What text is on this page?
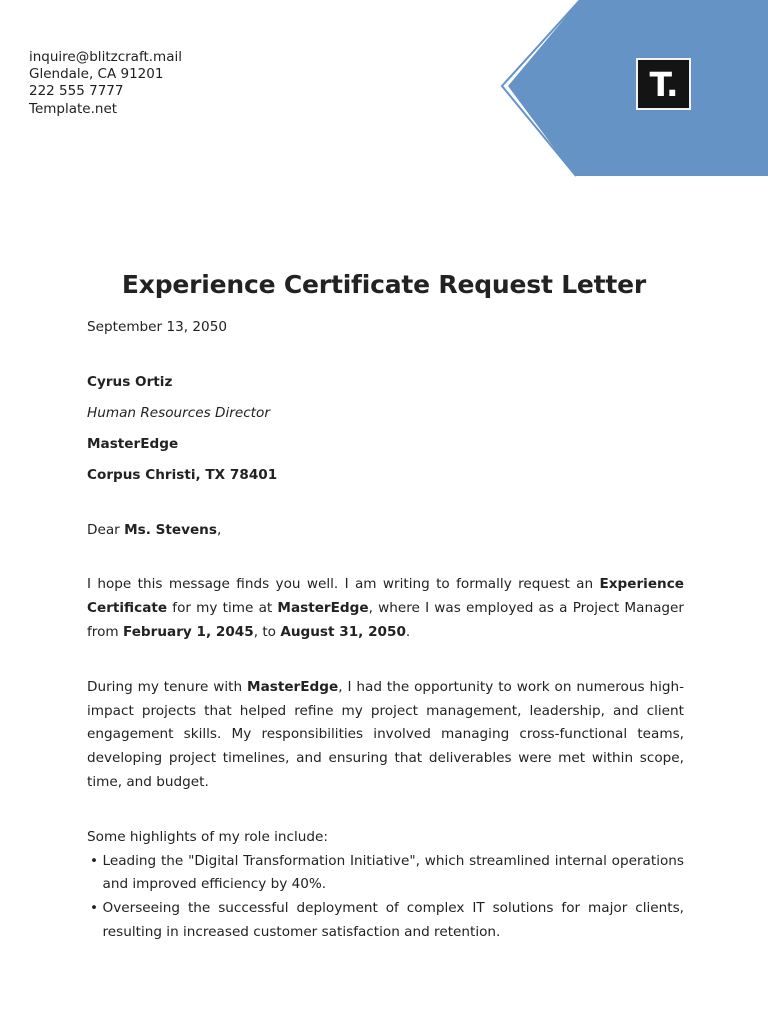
inquire@blitzcraft.mail
Glendale, CA 91201
222 555 7777
Template.net
T.
Experience Certificate Request Letter

September 13, 2050

Cyrus Ortiz

Human Resources Director

MasterEdge

Corpus Christi, TX 78401

Dear Ms. Stevens,

I hope this message finds you well. I am writing to formally request an Experience Certificate for my time at MasterEdge, where I was employed as a Project Manager from February 1, 2045, to August 31, 2050.

During my tenure with MasterEdge, I had the opportunity to work on numerous high-impact projects that helped refine my project management, leadership, and client engagement skills. My responsibilities involved managing cross-functional teams, developing project timelines, and ensuring that deliverables were met within scope, time, and budget.

Some highlights of my role include:

• Leading the "Digital Transformation Initiative", which streamlined internal operations and improved efficiency by 40%.
• Overseeing the successful deployment of complex IT solutions for major clients, resulting in increased customer satisfaction and retention.
